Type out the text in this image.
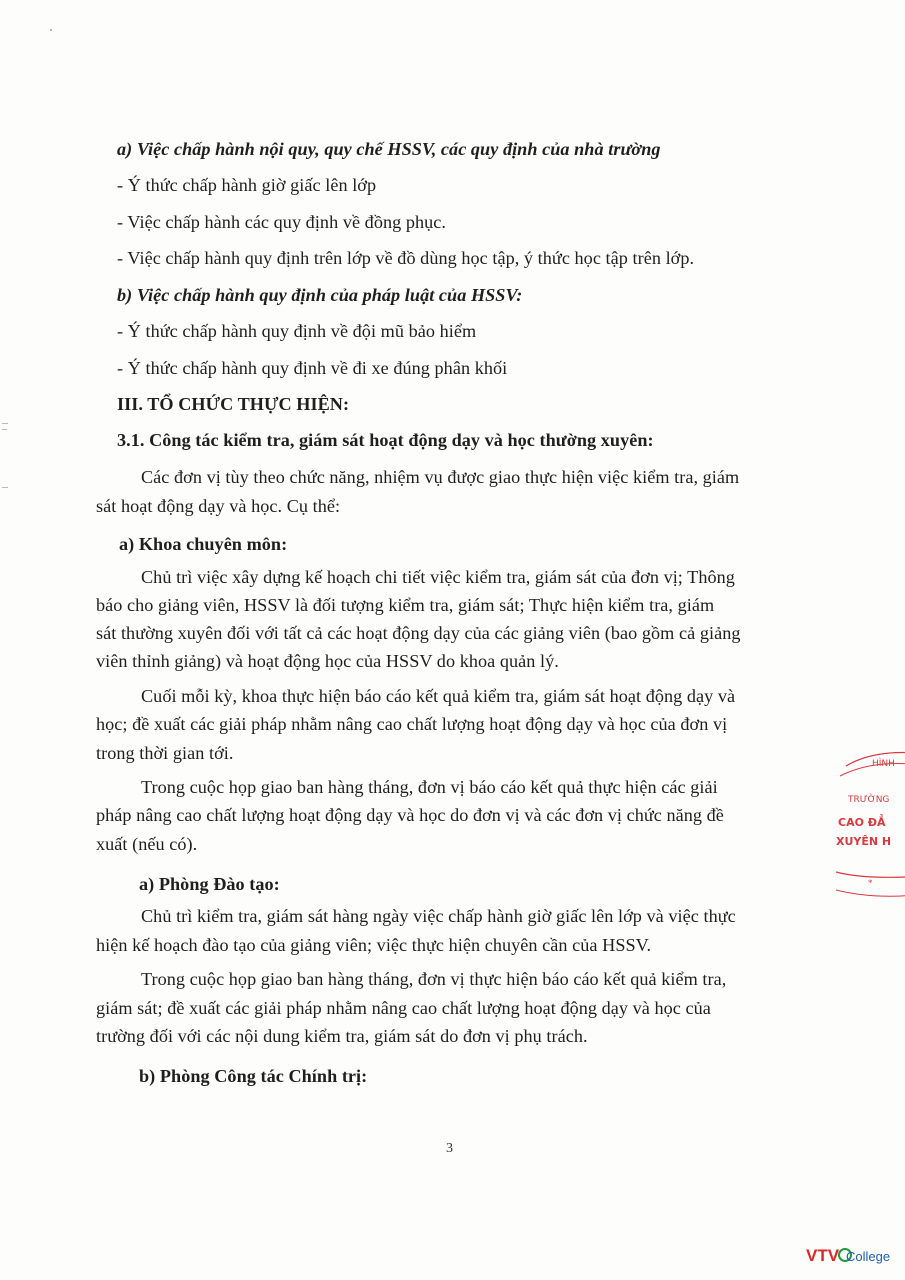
a) Việc chấp hành nội quy, quy chế HSSV, các quy định của nhà trường
- Ý thức chấp hành giờ giấc lên lớp
- Việc chấp hành các quy định về đồng phục.
- Việc chấp hành quy định trên lớp về đồ dùng học tập, ý thức học tập trên lớp.
b) Việc chấp hành quy định của pháp luật của HSSV:
- Ý thức chấp hành quy định về đội mũ bảo hiểm
- Ý thức chấp hành quy định về đi xe đúng phân khối
III. TỔ CHỨC THỰC HIỆN:
3.1. Công tác kiểm tra, giám sát hoạt động dạy và học thường xuyên:
Các đơn vị tùy theo chức năng, nhiệm vụ được giao thực hiện việc kiểm tra, giám
sát hoạt động dạy và học. Cụ thể:
a) Khoa chuyên môn:
Chủ trì việc xây dựng kế hoạch chi tiết việc kiểm tra, giám sát của đơn vị; Thông
báo cho giảng viên, HSSV là đối tượng kiểm tra, giám sát; Thực hiện kiểm tra, giám
sát thường xuyên đối với tất cả các hoạt động dạy của các giảng viên (bao gồm cả giảng
viên thỉnh giảng) và hoạt động học của HSSV do khoa quản lý.
Cuối mỗi kỳ, khoa thực hiện báo cáo kết quả kiểm tra, giám sát hoạt động dạy và
học; đề xuất các giải pháp nhằm nâng cao chất lượng hoạt động dạy và học của đơn vị
trong thời gian tới.
Trong cuộc họp giao ban hàng tháng, đơn vị báo cáo kết quả thực hiện các giải
pháp nâng cao chất lượng hoạt động dạy và học do đơn vị và các đơn vị chức năng đề
xuất (nếu có).
a) Phòng Đào tạo:
Chủ trì kiểm tra, giám sát hàng ngày việc chấp hành giờ giấc lên lớp và việc thực
hiện kế hoạch đào tạo của giảng viên; việc thực hiện chuyên cần của HSSV.
Trong cuộc họp giao ban hàng tháng, đơn vị thực hiện báo cáo kết quả kiểm tra,
giám sát; đề xuất các giải pháp nhằm nâng cao chất lượng hoạt động dạy và học của
trường đối với các nội dung kiểm tra, giám sát do đơn vị phụ trách.
b) Phòng Công tác Chính trị:
3
HÌNH
TRƯỜNG
CAO ĐẲ
XUYÊN H
*
VTV College
